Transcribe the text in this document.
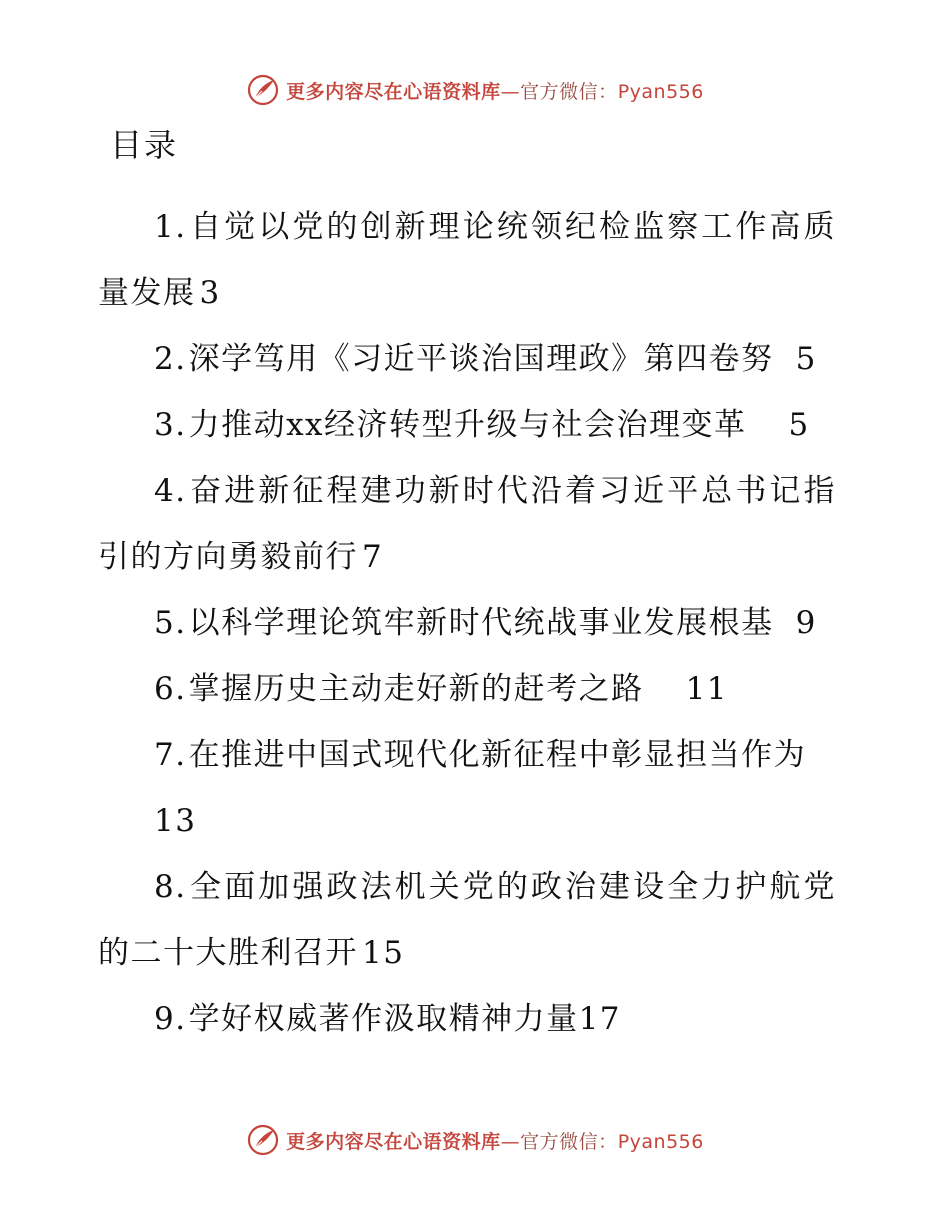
更多内容尽在心语资料库—官方微信：Pyan556
目录
1.自觉以党的创新理论统领纪检监察工作高质量发展 3
2.深学笃用《习近平谈治国理政》第四卷努 5
3.力推动xx经济转型升级与社会治理变革 5
4.奋进新征程建功新时代沿着习近平总书记指引的方向勇毅前行 7
5.以科学理论筑牢新时代统战事业发展根基 9
6.掌握历史主动走好新的赶考之路 11
7.在推进中国式现代化新征程中彰显担当作为
13
8.全面加强政法机关党的政治建设全力护航党的二十大胜利召开 15
9.学好权威著作汲取精神力量17
更多内容尽在心语资料库—官方微信：Pyan556
